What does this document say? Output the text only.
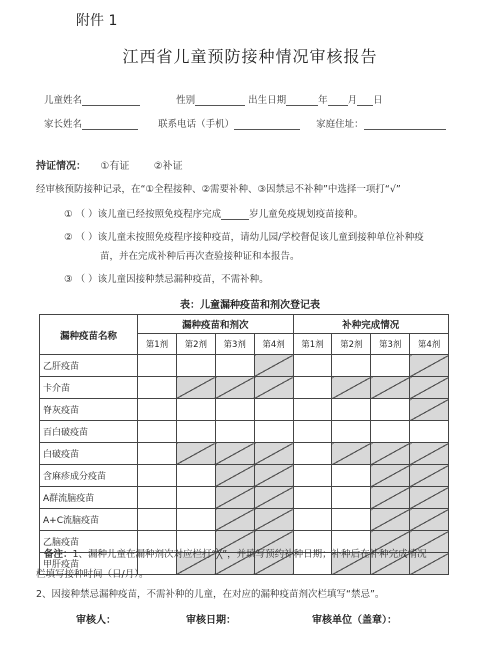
附件 1
江西省儿童预防接种情况审核报告
儿童姓名	性别	出生日期	年 月 日
家长姓名	联系电话（手机）	家庭住址：
持证情况： ①有证 ②补证
经审核预防接种记录，在“①全程接种、②需要补种、③因禁忌不补种”中选择一项打“√”
① （ ）该儿童已经按照免疫程序完成	岁儿童免疫规划疫苗接种。
② （ ）该儿童未按照免疫程序接种疫苗，请幼儿园/学校督促该儿童到接种单位补种疫
苗，并在完成补种后再次查验接种证和本报告。
③ （ ）该儿童因接种禁忌漏种疫苗，不需补种。
表：儿童漏种疫苗和剂次登记表
漏种疫苗名称	漏种疫苗和剂次				补种完成情况			
	第1剂	第2剂	第3剂	第4剂	第1剂	第2剂	第3剂	第4剂
乙肝疫苗								
卡介苗								
脊灰疫苗								
百白破疫苗								
白破疫苗								
含麻疹成分疫苗								
A群流脑疫苗								
A+C流脑疫苗								
乙脑疫苗								
甲肝疫苗								
备注：1、漏种儿童在漏种剂次对应栏打“╳”，并填写预约补种日期；补种后在补种完成情况
栏填写接种时间（日/月）。
2、因接种禁忌漏种疫苗，不需补种的儿童，在对应的漏种疫苗剂次栏填写“禁忌”。
审核人：	审核日期：	审核单位（盖章）：
